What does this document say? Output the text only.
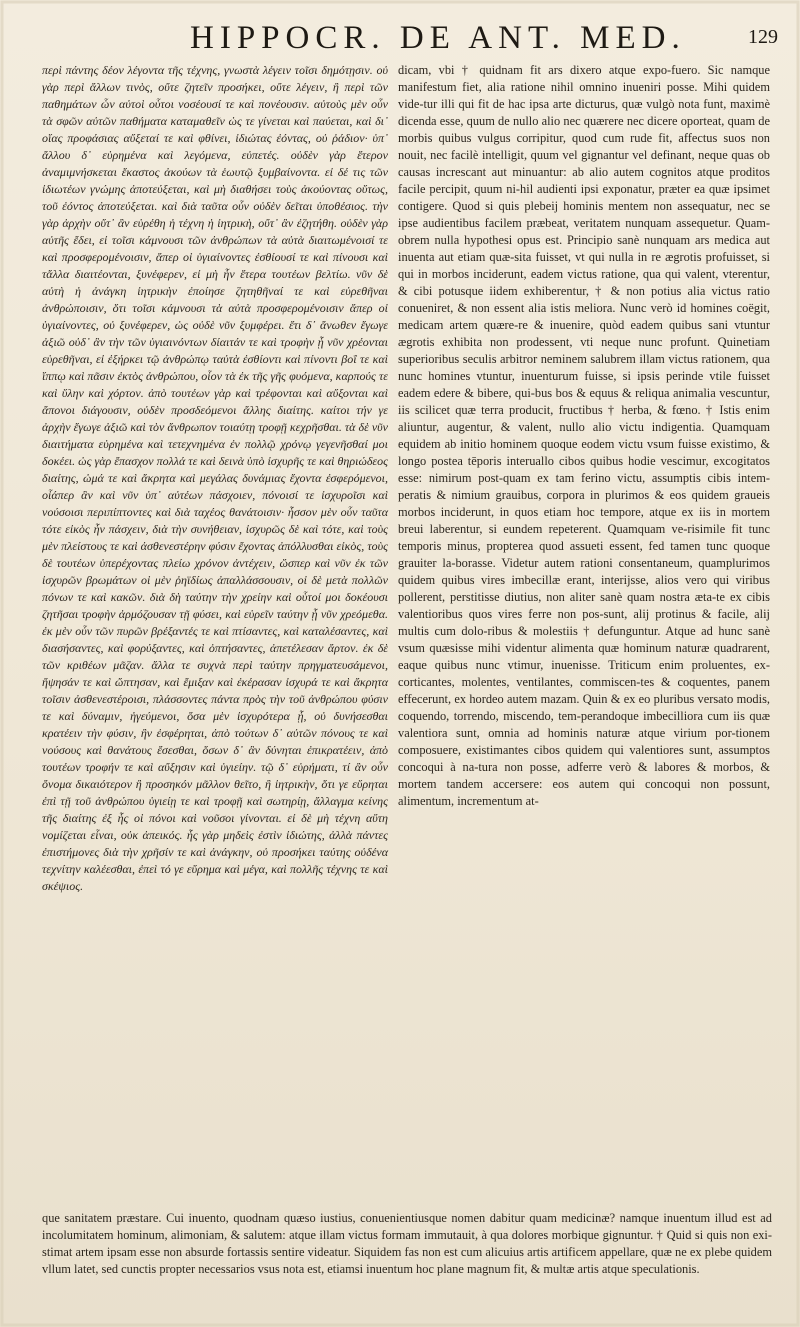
HIPPOCR. DE ANT. MED.	129

περὶ πάντης δέον λέγοντα τῆς τέχνης, γνωστὰ λέγειν τοῖσι δημότῃσιν. οὐ γὰρ περὶ ἄλλων τινὸς, οὔτε ζητεῖν προσήκει, οὔτε λέγειν, ἢ περὶ τῶν παθημάτων ὧν αὐτοὶ οὗτοι νοσέουσί τε καὶ πονέουσιν. αὐτοὺς μὲν οὖν τὰ σφῶν αὐτῶν παθήματα καταμαθεῖν ὡς τε γίνεται καὶ παύεται, καὶ δι᾽ οἵας προφάσιας αὔξεταί τε καὶ φθίνει, ἰδιώτας ἐόντας, οὐ ῥάδιον· ὑπ᾽ ἄλλου δ᾽ εὑρημένα καὶ λεγόμενα, εὐπετές. οὐδὲν γὰρ ἕτερον ἀναμιμνήσκεται ἕκαστος ἀκούων τὰ ἑωυτῷ ξυμβαίνοντα. εἰ δέ τις τῶν ἰδιωτέων γνώμης ἀποτεύξεται, καὶ μὴ διαθήσει τοὺς ἀκούοντας οὕτως, τοῦ ἐόντος ἀποτεύξεται. καὶ διὰ ταῦτα οὖν οὐδὲν δεῖται ὑποθέσιος. τὴν γὰρ ἀρχὴν οὔτ᾽ ἂν εὑρέθη ἡ τέχνη ἡ ἰητρικὴ, οὔτ᾽ ἂν ἐζητήθη. οὐδὲν γὰρ αὐτῆς ἔδει, εἰ τοῖσι κάμνουσι τῶν ἀνθρώπων τὰ αὐτὰ διαιτωμένοισί τε καὶ προσφερομένοισιν, ἅπερ οἱ ὑγιαίνοντες ἐσθίουσί τε καὶ πίνουσι καὶ τἄλλα διαιτέονται, ξυνέφερεν, εἰ μὴ ἦν ἕτερα τουτέων βελτίω. νῦν δὲ αὐτὴ ἡ ἀνάγκη ἰητρικὴν ἐποίησε ζητηθῆναί τε καὶ εὑρεθῆναι ἀνθρώποισιν, ὅτι τοῖσι κάμνουσι τὰ αὐτὰ προσφερομένοισιν ἅπερ οἱ ὑγιαίνοντες, οὐ ξυνέφερεν, ὡς οὐδὲ νῦν ξυμφέρει. ἔτι δ᾽ ἄνωθεν ἔγωγε ἀξιῶ οὐδ᾽ ἂν τὴν τῶν ὑγιαινόντων δίαιτάν τε καὶ τροφὴν ᾗ νῦν χρέονται εὑρεθῆναι, εἰ ἐξήρκει τῷ ἀνθρώπῳ ταὐτὰ ἐσθίοντι καὶ πίνοντι βοΐ τε καὶ ἵππῳ καὶ πᾶσιν ἐκτὸς ἀνθρώπου, οἷον τὰ ἐκ τῆς γῆς φυόμενα, καρπούς τε καὶ ὕλην καὶ χόρτον. ἀπὸ τουτέων γὰρ καὶ τρέφονται καὶ αὔξονται καὶ ἄπονοι διάγουσιν, οὐδὲν προσδεόμενοι ἄλλης διαίτης. καίτοι τήν γε ἀρχὴν ἔγωγε ἀξιῶ καὶ τὸν ἄνθρωπον τοιαύτῃ τροφῇ κεχρῆσθαι. τὰ δὲ νῦν διαιτήματα εὑρημένα καὶ τετεχνημένα ἐν πολλῷ χρόνῳ γεγενῆσθαί μοι δοκέει. ὡς γὰρ ἔπασχον πολλά τε καὶ δεινὰ ὑπὸ ἰσχυρῆς τε καὶ θηριώδεος διαίτης, ὠμά τε καὶ ἄκρητα καὶ μεγάλας δυνάμιας ἔχοντα ἐσφερόμενοι, οἷάπερ ἂν καὶ νῦν ὑπ᾽ αὐτέων πάσχοιεν, πόνοισί τε ἰσχυροῖσι καὶ νούσοισι περιπίπτοντες καὶ διὰ ταχέος θανάτοισιν· ἧσσον μὲν οὖν ταῦτα τότε εἰκὸς ἦν πάσχειν, διὰ τὴν συνήθειαν, ἰσχυρῶς δὲ καὶ τότε, καὶ τοὺς μὲν πλείστους τε καὶ ἀσθενεστέρην φύσιν ἔχοντας ἀπόλλυσθαι εἰκὸς, τοὺς δὲ τουτέων ὑπερέχοντας πλείω χρόνον ἀντέχειν, ὥσπερ καὶ νῦν ἐκ τῶν ἰσχυρῶν βρωμάτων οἱ μὲν ῥηϊδίως ἀπαλλάσσουσιν, οἱ δὲ μετὰ πολλῶν πόνων τε καὶ κακῶν. διὰ δὴ ταύτην τὴν χρείην καὶ οὗτοί μοι δοκέουσι ζητῆσαι τροφὴν ἁρμόζουσαν τῇ φύσει, καὶ εὑρεῖν ταύτην ᾗ νῦν χρεόμεθα. ἐκ μὲν οὖν τῶν πυρῶν βρέξαντές τε καὶ πτίσαντες, καὶ καταλέσαντες, καὶ διασήσαντες, καὶ φορύξαντες, καὶ ὀπτήσαντες, ἀπετέλεσαν ἄρτον. ἐκ δὲ τῶν κριθέων μᾶζαν. ἄλλα τε συχνὰ περὶ ταύτην πρηγματευσάμενοι, ἥψησάν τε καὶ ὤπτησαν, καὶ ἔμιξαν καὶ ἐκέρασαν ἰσχυρά τε καὶ ἄκρητα τοῖσιν ἀσθενεστέροισι, πλάσσοντες πάντα πρὸς τὴν τοῦ ἀνθρώπου φύσιν τε καὶ δύναμιν, ἡγεύμενοι, ὅσα μὲν ἰσχυρότερα ᾖ, οὐ δυνήσεσθαι κρατέειν τὴν φύσιν, ἢν ἐσφέρηται, ἀπὸ τούτων δ᾽ αὐτῶν πόνους τε καὶ νούσους καὶ θανάτους ἔσεσθαι, ὅσων δ᾽ ἂν δύνηται ἐπικρατέειν, ἀπὸ τουτέων τροφήν τε καὶ αὔξησιν καὶ ὑγιείην. τῷ δ᾽ εὑρήματι, τί ἂν οὖν ὄνομα δικαιότερον ἢ προσηκόν μᾶλλον θεῖτο, ἢ ἰητρικὴν, ὅτι γε εὕρηται ἐπὶ τῇ τοῦ ἀνθρώπου ὑγιείῃ τε καὶ τροφῇ καὶ σωτηρίῃ, ἄλλαγμα κείνης τῆς διαίτης ἐξ ἧς οἱ πόνοι καὶ νοῦσοι γίνονται. εἰ δὲ μὴ τέχνη αὕτη νομίζεται εἶναι, οὐκ ἀπεικός. ἧς γὰρ μηδεὶς ἐστὶν ἰδιώτης, ἀλλὰ πάντες ἐπιστήμονες διὰ τὴν χρῆσίν τε καὶ ἀνάγκην, οὐ προσήκει ταύτης οὐδένα τεχνίτην καλέεσθαι, ἐπεὶ τό γε εὕρημα καὶ μέγα, καὶ πολλῆς τέχνης τε καὶ σκέψιος.

dicam, vbi † quidnam fit ars dixero atque expo-fuero. Sic namque manifestum fiet, alia ratione nihil omnino inueniri posse. Mihi quidem vide-tur illi qui fit de hac ipsa arte dicturus, quæ vulgò nota funt, maximè dicenda esse, quum de nullo alio nec quærere nec dicere oporteat, quam de morbis quibus vulgus corripitur, quod cum rude fit, affectus suos non nouit, nec facilè intelligit, quum vel gignantur vel definant, neque quas ob causas increscant aut minuantur: ab alio autem cognitos atque proditos facile percipit, quum ni-hil audienti ipsi exponatur, præter ea quæ ipsimet contigere. Quod si quis plebeij hominis mentem non assequatur, nec se ipse audientibus facilem præbeat, veritatem nunquam assequetur. Quam-obrem nulla hypothesi opus est. Principio sanè nunquam ars medica aut inuenta aut etiam quæ-sita fuisset, vt qui nulla in re ægrotis profuisset, si qui in morbos inciderunt, eadem victus ratione, qua qui valent, vterentur, & cibi potusque iidem exhiberentur, † & non potius alia victus ratio conueniret, & non essent alia istis meliora. Nunc verò id homines coëgit, medicam artem quære-re & inuenire, quòd eadem quibus sani vtuntur ægrotis exhibita non prodessent, vti neque nunc profunt. Quinetiam superioribus seculis arbitror neminem salubrem illam victus rationem, qua nunc homines vtuntur, inuenturum fuisse, si ipsis perinde vtile fuisset eadem edere & bibere, qui-bus bos & equus & reliqua animalia vescuntur, iis scilicet quæ terra producit, fructibus † herba, & fœno. † Istis enim aliuntur, augentur, & valent, nullo alio victu indigentia. Quamquam equidem ab initio hominem quoque eodem victu vsum fuisse existimo, & longo postea tēporis interuallo cibos quibus hodie vescimur, excogitatos esse: nimirum post-quam ex tam ferino victu, assumptis cibis intem-peratis & nimium grauibus, corpora in plurimos & eos quidem graueis morbos inciderunt, in quos etiam hoc tempore, atque ex iis in mortem breui laberentur, si eundem repeterent. Quamquam ve-risimile fit tunc temporis minus, propterea quod assueti essent, fed tamen tunc quoque grauiter la-borasse. Videtur autem rationi consentaneum, quamplurimos quidem quibus vires imbecillæ erant, interijsse, alios vero qui viribus pollerent, perstitisse diutius, non aliter sanè quam nostra æta-te ex cibis valentioribus quos vires ferre non pos-sunt, alij protinus & facile, alij multis cum dolo-ribus & molestiis † defunguntur. Atque ad hunc sanè vsum quæsisse mihi videntur alimenta quæ hominum naturæ quadrarent, eaque quibus nunc vtimur, inuenisse. Triticum enim proluentes, ex-corticantes, molentes, ventilantes, commiscen-tes & coquentes, panem effecerunt, ex hordeo autem mazam. Quin & ex eo pluribus versato modis, coquendo, torrendo, miscendo, tem-perandoque imbecilliora cum iis quæ valentiora sunt, omnia ad hominis naturæ atque virium por-tionem composuere, existimantes cibos quidem qui valentiores sunt, assumptos concoqui à na-tura non posse, adferre verò & labores & morbos, & mortem tandem accersere: eos autem qui concoqui non possunt, alimentum, incrementum at-

que sanitatem præstare. Cui inuento, quodnam quæso iustius, conuenientiusque nomen dabitur quam medicinæ? namque inuentum illud est ad incolumitatem hominum, alimoniam, & salutem: atque illam victus formam immutauit, à qua dolores morbique gignuntur. † Quid si quis non exi-stimat artem ipsam esse non absurde fortassis sentire videatur. Siquidem fas non est cum alicuius artis artificem appellare, quæ ne ex plebe quidem vllum latet, sed cunctis propter necessarios vsus nota est, etiamsi inuentum hoc plane magnum fit, & multæ artis atque speculationis.
